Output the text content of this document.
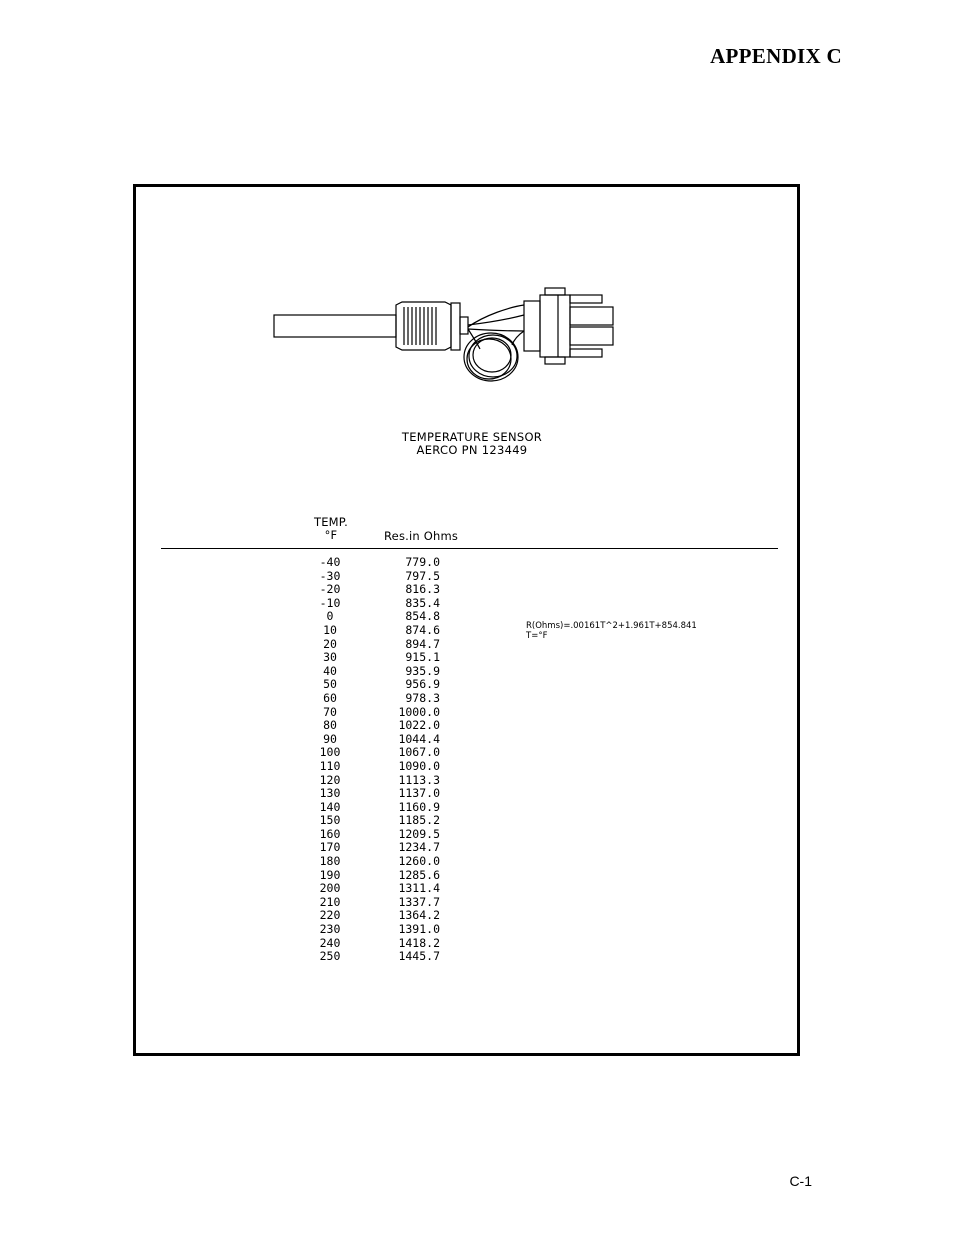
APPENDIX C
TEMPERATURE SENSOR
AERCO PN 123449
TEMP.
°F	Res.in Ohms
-40	779.0
-30	797.5
-20	816.3
-10	835.4
0	854.8
10	874.6
20	894.7
30	915.1
40	935.9
50	956.9
60	978.3
70	1000.0
80	1022.0
90	1044.4
100	1067.0
110	1090.0
120	1113.3
130	1137.0
140	1160.9
150	1185.2
160	1209.5
170	1234.7
180	1260.0
190	1285.6
200	1311.4
210	1337.7
220	1364.2
230	1391.0
240	1418.2
250	1445.7
R(Ohms)=.00161T^2+1.961T+854.841
T=°F
C-1
